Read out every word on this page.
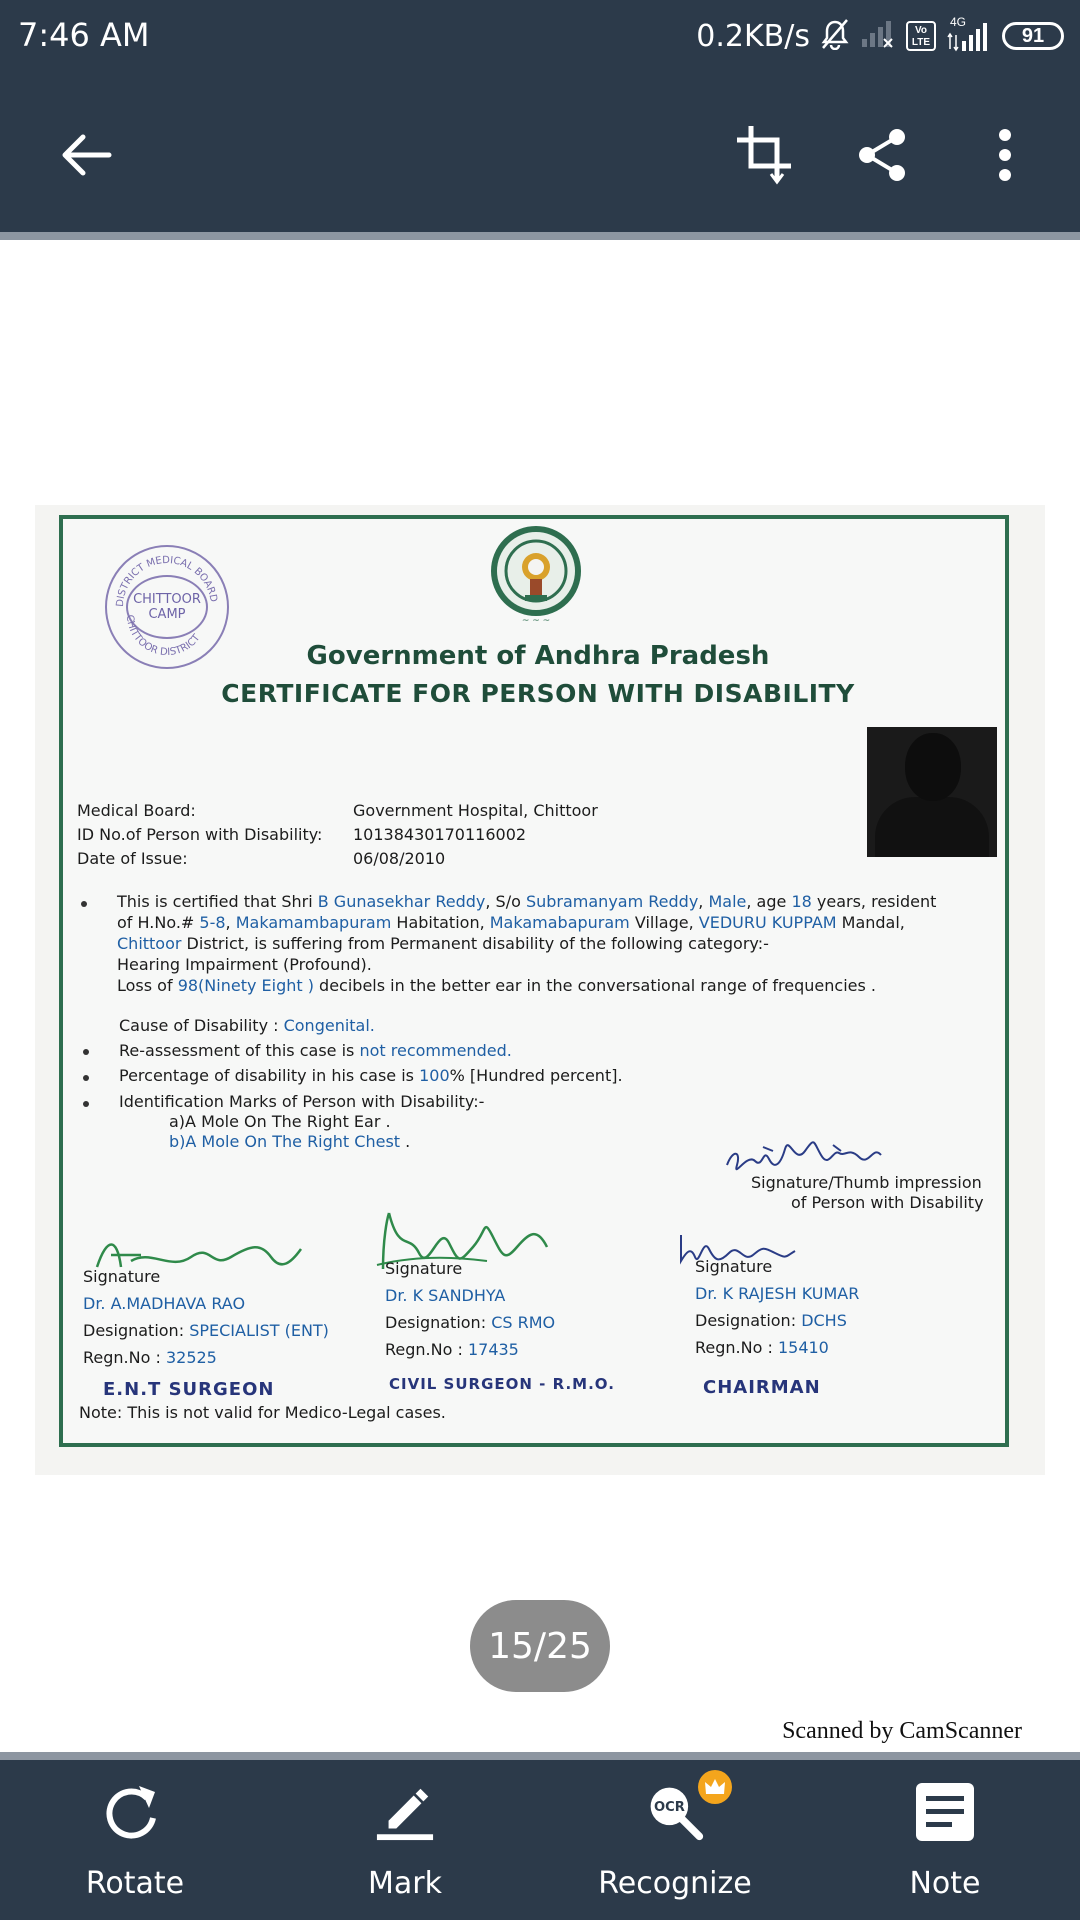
7:46 AM	0.2KB/s	Vo LTE
4G
91
DISTRICT MEDICAL BOARD
CHITTOOR DISTRICT
CHITTOOR CAMP	~ ~ ~
Government of Andhra Pradesh
CERTIFICATE FOR PERSON WITH DISABILITY
Medical Board:	Government Hospital, Chittoor
ID No.of Person with Disability: 10138430170116002
Date of Issue:	06/08/2010
This is certified that Shri B Gunasekhar Reddy, S/o Subramanyam Reddy, Male, age 18 years, resident
of H.No.# 5-8, Makamambapuram Habitation, Makamabapuram Village, VEDURU KUPPAM Mandal,
Chittoor District, is suffering from Permanent disability of the following category:-
Hearing Impairment (Profound).
Loss of 98(Ninety Eight ) decibels in the better ear in the conversational range of frequencies .
Cause of Disability : Congenital.
Re-assessment of this case is not recommended.
Percentage of disability in his case is 100% [Hundred percent].
Identification Marks of Person with Disability:-
a)A Mole On The Right Ear .
b)A Mole On The Right Chest .
Signature/Thumb impression
of Person with Disability
Signature
Dr. A.MADHAVA RAO
Designation: SPECIALIST (ENT)
Regn.No : 32525
Signature
Dr. K SANDHYA
Designation: CS RMO
Regn.No : 17435
Signature
Dr. K RAJESH KUMAR
Designation: DCHS
Regn.No : 15410
E.N.T SURGEON	CIVIL SURGEON - R.M.O.	CHAIRMAN
Note: This is not valid for Medico-Legal cases.
15/25
Scanned by CamScanner
Rotate	Mark
OCR
Recognize	Note
